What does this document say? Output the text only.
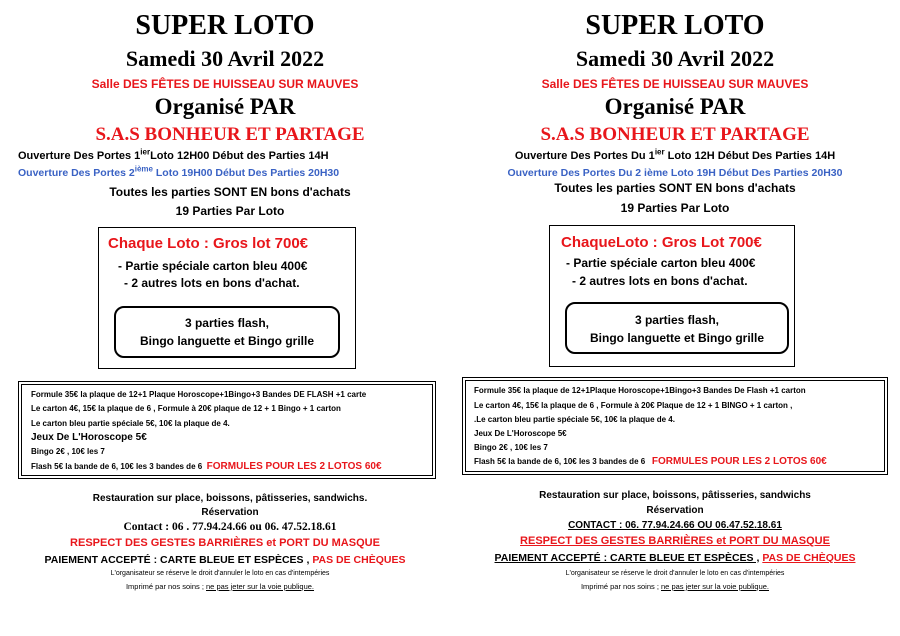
SUPER LOTO
Samedi 30 Avril 2022
Salle DES FÊTES DE HUISSEAU SUR MAUVES
Organisé PAR
S.A.S BONHEUR ET PARTAGE
Ouverture Des Portes $1^{ier}Loto$ 12H00 Début des Parties 14H
Ouverture Des Portes 2ième Loto 19H00 Début Des Parties 20H30
Toutes les parties SONT EN bons d'achats
19 Parties Par Loto
Chaque Loto : Gros lot 700€
- Partie spéciale carton bleu 400€
- 2 autres lots en bons d'achat.
3 parties flash,
Bingo languette et Bingo grille
Formule 35€ la plaque de 12+1 Plaque Horoscope+1Bingo+3 Bandes DE FLASH +1 carte
Le carton 4€, 15€ la plaque de 6 , Formule à 20€ plaque de 12 + 1 Bingo + 1 carton
Le carton bleu partie spéciale 5€, 10€ la plaque de 4.
Jeux De L'Horoscope 5€
Bingo 2€ , 10€ les 7
Flash 5€ la bande de 6, 10€ les 3 bandes de 6 FORMULES POUR LES 2 LOTOS 60€
Restauration sur place, boissons, pâtisseries, sandwichs.
Réservation
Contact : 06 . 77.94.24.66 ou 06. 47.52.18.61
RESPECT DES GESTES BARRIÈRES et PORT DU MASQUE
PAIEMENT ACCEPTÉ : CARTE BLEUE ET ESPÈCES , PAS DE CHÈQUES
L'organisateur se réserve le droit d'annuler le loto en cas d'intempéries
Imprimé par nos soins ; ne pas jeter sur la voie publique.
SUPER LOTO
Samedi 30 Avril 2022
Salle DES FÊTES DE HUISSEAU SUR MAUVES
Organisé PAR
S.A.S BONHEUR ET PARTAGE
Ouverture Des Portes Du $1^{ier}$ Loto 12H Début Des Parties 14H
Ouverture Des Portes Du 2 ième Loto 19H Début Des Parties 20H30
Toutes les parties SONT EN bons d'achats
19 Parties Par Loto
ChaqueLoto : Gros Lot 700€
- Partie spéciale carton bleu 400€
- 2 autres lots en bons d'achat.
3 parties flash,
Bingo languette et Bingo grille
Formule 35€ la plaque de 12+1Plaque Horoscope+1Bingo+3 Bandes De Flash +1 carton
Le carton 4€, 15€ la plaque de 6 , Formule à 20€ Plaque de 12 + 1 BINGO + 1 carton ,
.Le carton bleu partie spéciale 5€, 10€ la plaque de 4.
Jeux De L'Horoscope 5€
Bingo 2€ , 10€ les 7
Flash 5€ la bande de 6, 10€ les 3 bandes de 6 FORMULES POUR LES 2 LOTOS 60€
Restauration sur place, boissons, pâtisseries, sandwichs
Réservation
CONTACT : 06. 77.94.24.66 OU 06.47.52.18.61
RESPECT DES GESTES BARRIÈRES et PORT DU MASQUE
PAIEMENT ACCEPTÉ : CARTE BLEUE ET ESPÈCES , PAS DE CHÈQUES
L'organisateur se réserve le droit d'annuler le loto en cas d'intempéries
Imprimé par nos soins ; ne pas jeter sur la voie publique.
